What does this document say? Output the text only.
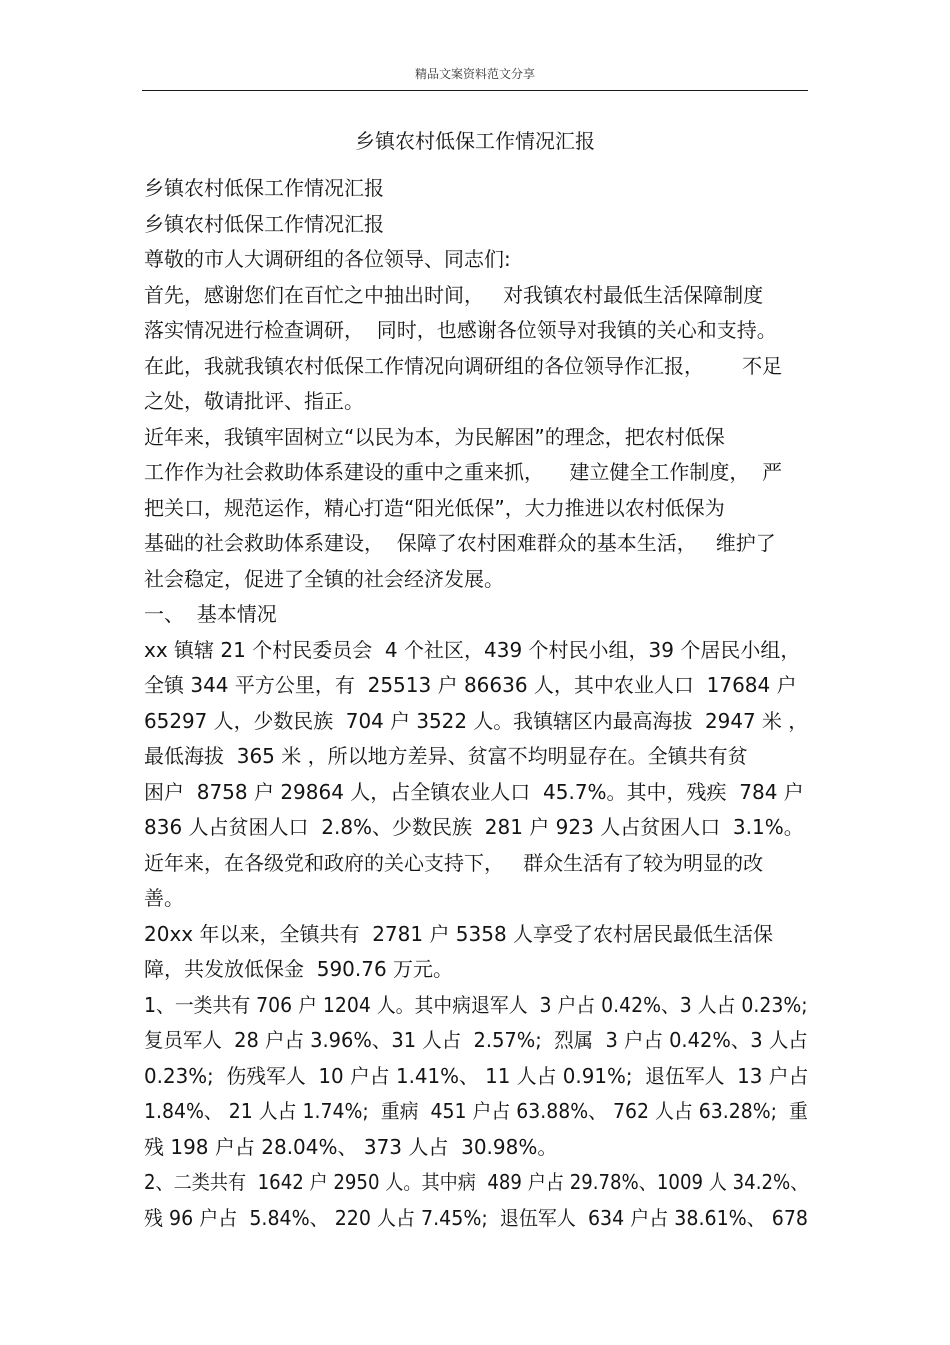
精品文案资料范文分享
乡镇农村低保工作情况汇报
乡镇农村低保工作情况汇报
乡镇农村低保工作情况汇报
尊敬的市人大调研组的各位领导、同志们:
首先，感谢您们在百忙之中抽出时间，   对我镇农村最低生活保障制度
落实情况进行检查调研，  同时，也感谢各位领导对我镇的关心和支持。
在此，我就我镇农村低保工作情况向调研组的各位领导作汇报，      不足
之处，敬请批评、指正。
近年来，我镇牢固树立“以民为本，为民解困”的理念，把农村低保
工作作为社会救助体系建设的重中之重来抓，    建立健全工作制度，  严
把关口，规范运作，精心打造“阳光低保”，大力推进以农村低保为
基础的社会救助体系建设，  保障了农村困难群众的基本生活，   维护了
社会稳定，促进了全镇的社会经济发展。
一、  基本情况
xx 镇辖 21 个村民委员会  4 个社区，439 个村民小组，39 个居民小组，
全镇 344 平方公里，有  25513 户 86636 人，其中农业人口  17684 户
65297 人，少数民族  704 户 3522 人。我镇辖区内最高海拔  2947 米 ，
最低海拔  365 米 ，所以地方差异、贫富不均明显存在。全镇共有贫
困户  8758 户 29864 人，占全镇农业人口  45.7%。其中，残疾  784 户
836 人占贫困人口  2.8%、少数民族  281 户 923 人占贫困人口  3.1%。
近年来，在各级党和政府的关心支持下，   群众生活有了较为明显的改
善。
20xx 年以来，全镇共有  2781 户 5358 人享受了农村居民最低生活保
障，共发放低保金  590.76 万元。
1、一类共有 706 户 1204 人。其中病退军人  3 户占 0.42%、3 人占 0.23%;
复员军人  28 户占 3.96%、31 人占  2.57%;  烈属  3 户占 0.42%、3 人占
0.23%;  伤残军人  10 户占 1.41%、 11 人占 0.91%;  退伍军人  13 户占
1.84%、 21 人占 1.74%;  重病  451 户占 63.88%、 762 人占 63.28%;  重
残 198 户占 28.04%、 373 人占  30.98%。
2、二类共有  1642 户 2950 人。其中病  489 户占 29.78%、1009 人 34.2%、
残 96 户占  5.84%、 220 人占 7.45%;  退伍军人  634 户占 38.61%、 678
